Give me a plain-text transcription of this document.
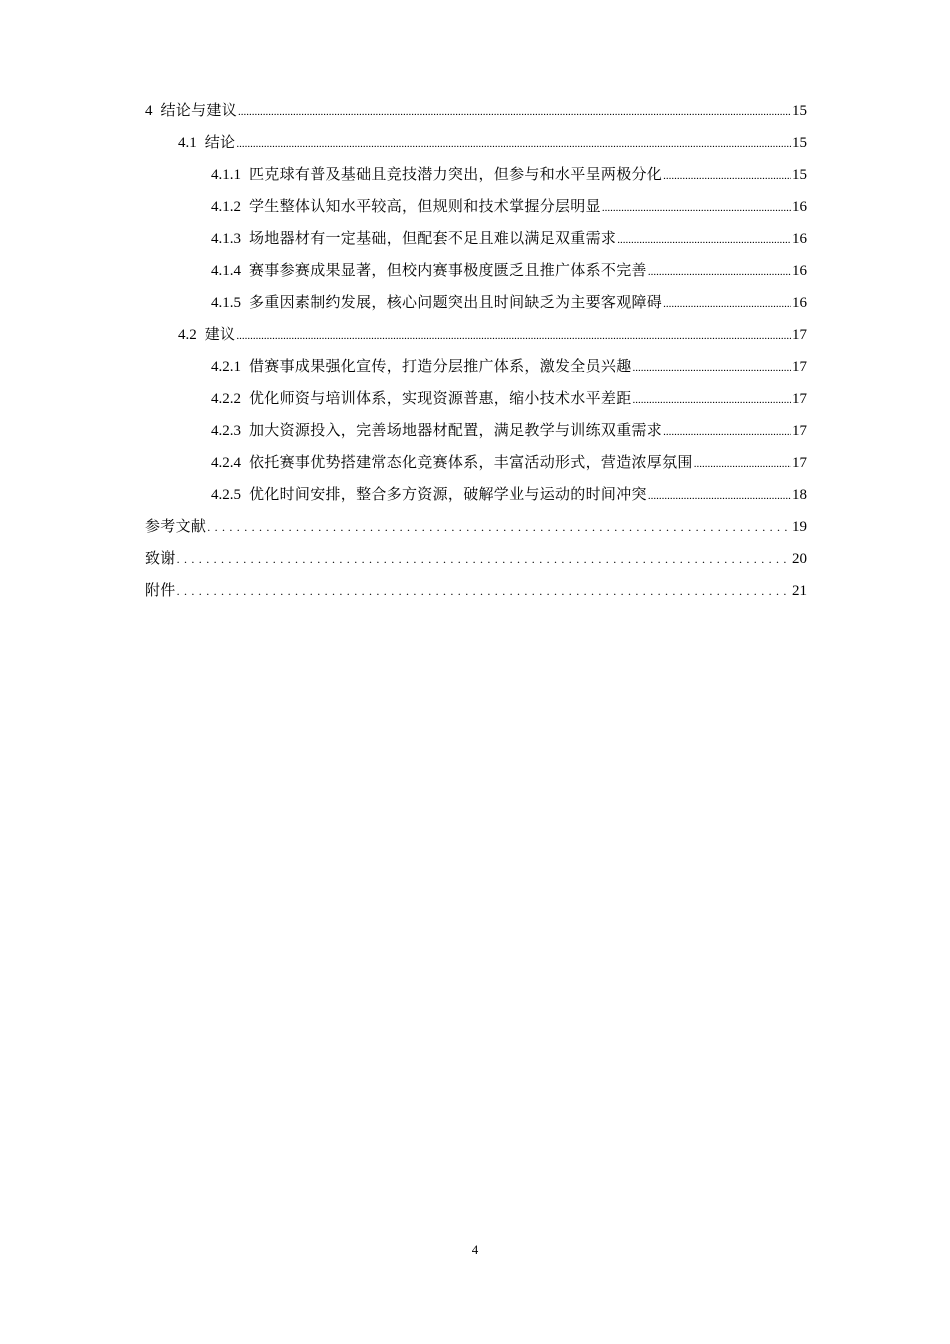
4 结论与建议 .....	15
4.1 结论 .....	15
4.1.1 匹克球有普及基础且竞技潜力突出，但参与和水平呈两极分化 .....	15
4.1.2 学生整体认知水平较高，但规则和技术掌握分层明显 .....	16
4.1.3 场地器材有一定基础，但配套不足且难以满足双重需求 .....	16
4.1.4 赛事参赛成果显著，但校内赛事极度匮乏且推广体系不完善 .....	16
4.1.5 多重因素制约发展，核心问题突出且时间缺乏为主要客观障碍 .....	16
4.2 建议 .....	17
4.2.1 借赛事成果强化宣传，打造分层推广体系，激发全员兴趣 .....	17
4.2.2 优化师资与培训体系，实现资源普惠，缩小技术水平差距 .....	17
4.2.3 加大资源投入，完善场地器材配置，满足教学与训练双重需求 .....	17
4.2.4 依托赛事优势搭建常态化竞赛体系，丰富活动形式，营造浓厚氛围 .....	17
4.2.5 优化时间安排，整合多方资源，破解学业与运动的时间冲突 .....	18
参考文献 .....	19
致谢 .....	20
附件 .....	21
4
